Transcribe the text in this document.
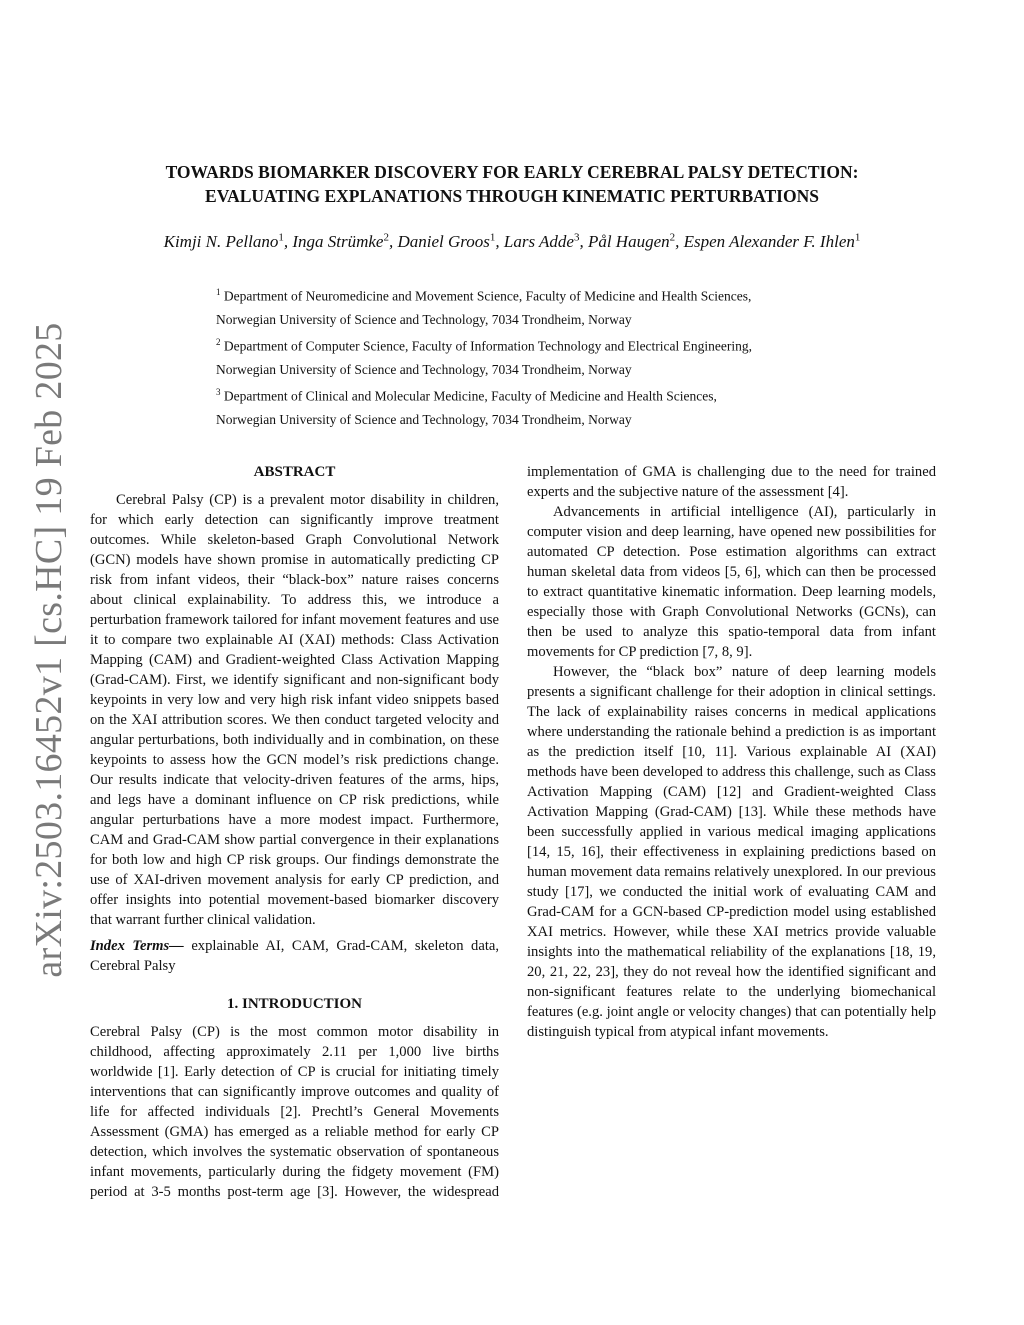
arXiv:2503.16452v1 [cs.HC] 19 Feb 2025
TOWARDS BIOMARKER DISCOVERY FOR EARLY CEREBRAL PALSY DETECTION:
EVALUATING EXPLANATIONS THROUGH KINEMATIC PERTURBATIONS
Kimji N. Pellano$^1$, Inga Strümke$^2$, Daniel Groos$^1$, Lars Adde$^3$, Pål Haugen$^2$, Espen Alexander F. Ihlen$^1$
$^1$ Department of Neuromedicine and Movement Science, Faculty of Medicine and Health Sciences,
Norwegian University of Science and Technology, 7034 Trondheim, Norway
$^2$ Department of Computer Science, Faculty of Information Technology and Electrical Engineering,
Norwegian University of Science and Technology, 7034 Trondheim, Norway
$^3$ Department of Clinical and Molecular Medicine, Faculty of Medicine and Health Sciences,
Norwegian University of Science and Technology, 7034 Trondheim, Norway
ABSTRACT

Cerebral Palsy (CP) is a prevalent motor disability in children, for which early detection can significantly improve treatment outcomes. While skeleton-based Graph Convolutional Network (GCN) models have shown promise in automatically predicting CP risk from infant videos, their “black-box” nature raises concerns about clinical explainability. To address this, we introduce a perturbation framework tailored for infant movement features and use it to compare two explainable AI (XAI) methods: Class Activation Mapping (CAM) and Gradient-weighted Class Activation Mapping (Grad-CAM). First, we identify significant and non-significant body keypoints in very low and very high risk infant video snippets based on the XAI attribution scores. We then conduct targeted velocity and angular perturbations, both individually and in combination, on these keypoints to assess how the GCN model’s risk predictions change. Our results indicate that velocity-driven features of the arms, hips, and legs have a dominant influence on CP risk predictions, while angular perturbations have a more modest impact. Furthermore, CAM and Grad-CAM show partial convergence in their explanations for both low and high CP risk groups. Our findings demonstrate the use of XAI-driven movement analysis for early CP prediction, and offer insights into potential movement-based biomarker discovery that warrant further clinical validation.

Index Terms— explainable AI, CAM, Grad-CAM, skeleton data, Cerebral Palsy

1. INTRODUCTION

Cerebral Palsy (CP) is the most common motor disability in childhood, affecting approximately 2.11 per 1,000 live births worldwide [1]. Early detection of CP is crucial for initiating timely interventions that can significantly improve outcomes and quality of life for affected individuals [2]. Prechtl’s General Movements Assessment (GMA) has emerged as a reliable method for early CP detection, which involves the systematic observation of spontaneous infant movements, particularly during the fidgety movement (FM) period at 3-5 months post-term age [3]. However, the widespread

implementation of GMA is challenging due to the need for trained experts and the subjective nature of the assessment [4].

Advancements in artificial intelligence (AI), particularly in computer vision and deep learning, have opened new possibilities for automated CP detection. Pose estimation algorithms can extract human skeletal data from videos [5, 6], which can then be processed to extract quantitative kinematic information. Deep learning models, especially those with Graph Convolutional Networks (GCNs), can then be used to analyze this spatio-temporal data from infant movements for CP prediction [7, 8, 9].

However, the “black box” nature of deep learning models presents a significant challenge for their adoption in clinical settings. The lack of explainability raises concerns in medical applications where understanding the rationale behind a prediction is as important as the prediction itself [10, 11]. Various explainable AI (XAI) methods have been developed to address this challenge, such as Class Activation Mapping (CAM) [12] and Gradient-weighted Class Activation Mapping (Grad-CAM) [13]. While these methods have been successfully applied in various medical imaging applications [14, 15, 16], their effectiveness in explaining predictions based on human movement data remains relatively unexplored. In our previous study [17], we conducted the initial work of evaluating CAM and Grad-CAM for a GCN-based CP-prediction model using established XAI metrics. However, while these XAI metrics provide valuable insights into the mathematical reliability of the explanations [18, 19, 20, 21, 22, 23], they do not reveal how the identified significant and non-significant features relate to the underlying biomechanical features (e.g. joint angle or velocity changes) that can potentially help distinguish typical from atypical infant movements.
